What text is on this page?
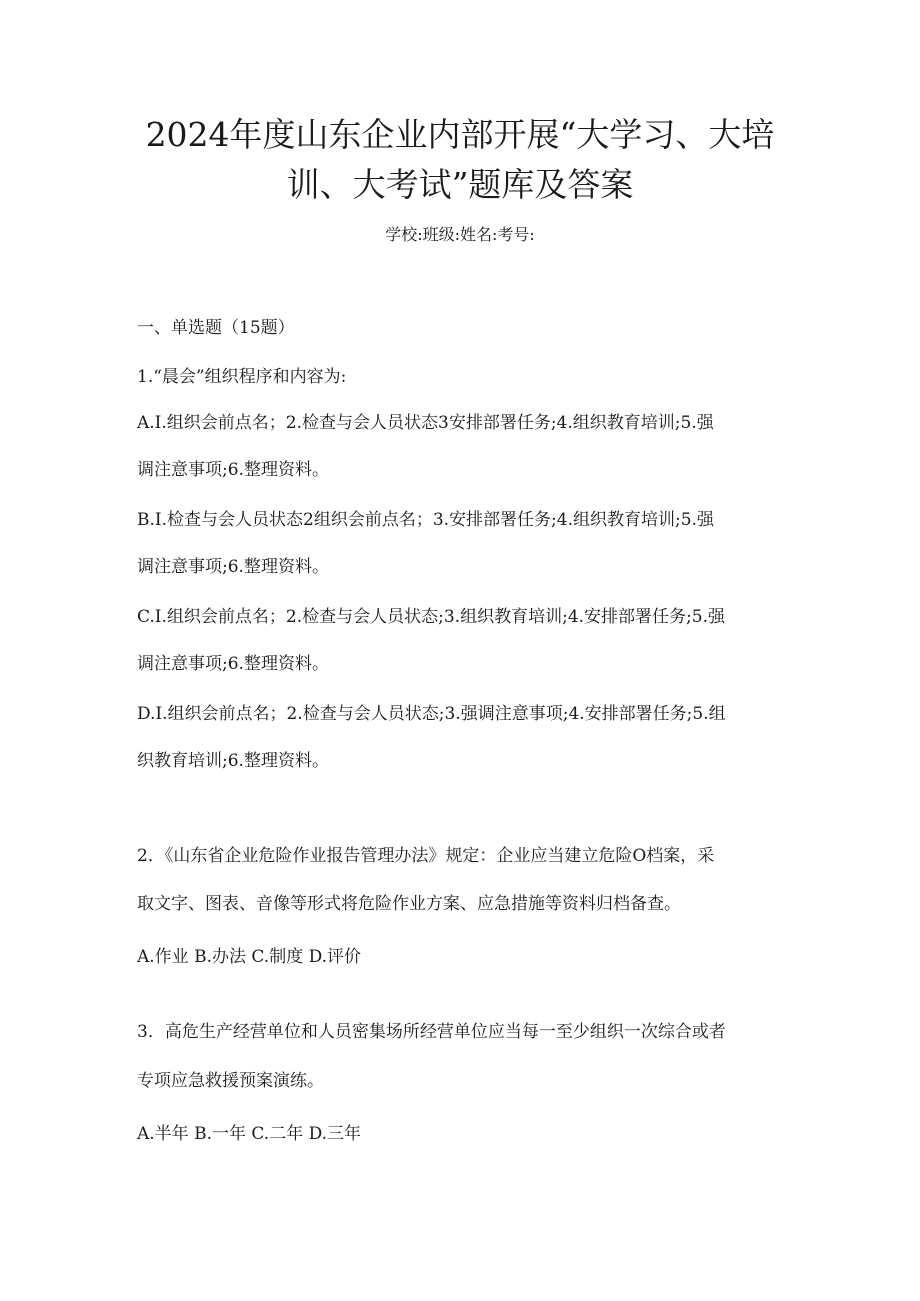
2024年度山东企业内部开展“大学习、大培
训、大考试”题库及答案
学校:班级:姓名:考号:
一、单选题（15题）
1.“晨会”组织程序和内容为:
A.I.组织会前点名；2.检查与会人员状态3安排部署任务;4.组织教育培训;5.强
调注意事项;6.整理资料。
B.I.检查与会人员状态2组织会前点名；3.安排部署任务;4.组织教育培训;5.强
调注意事项;6.整理资料。
C.I.组织会前点名；2.检查与会人员状态;3.组织教育培训;4.安排部署任务;5.强
调注意事项;6.整理资料。
D.I.组织会前点名；2.检查与会人员状态;3.强调注意事项;4.安排部署任务;5.组
织教育培训;6.整理资料。
2．《山东省企业危险作业报告管理办法》规定：企业应当建立危险O档案，采
取文字、图表、音像等形式将危险作业方案、应急措施等资料归档备查。
A.作业 B.办法 C.制度 D.评价
3．高危生产经营单位和人员密集场所经营单位应当每一至少组织一次综合或者
专项应急救援预案演练。
A.半年 B.一年 C.二年 D.三年
